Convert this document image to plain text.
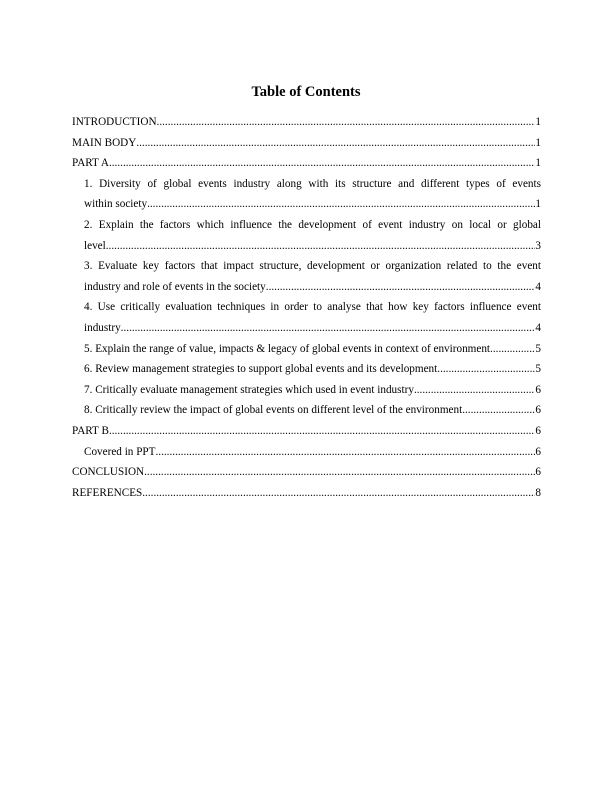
Table of Contents
INTRODUCTION .....	1
MAIN BODY .....	1
PART A .....	1
1. Diversity of global events industry along with its structure and different types of events
within society .....	1
2. Explain the factors which influence the development of event industry on local or global
level .....	3
3. Evaluate key factors that impact structure, development or organization related to the event
industry and role of events in the society .....	4
4. Use critically evaluation techniques in order to analyse that how key factors influence event
industry .....	4
5. Explain the range of value, impacts & legacy of global events in context of environment .....	5
6. Review management strategies to support global events and its development .....	5
7. Critically evaluate management strategies which used in event industry .....	6
8. Critically review the impact of global events on different level of the environment .....	6
PART B .....	6
Covered in PPT .....	6
CONCLUSION .....	6
REFERENCES .....	8
